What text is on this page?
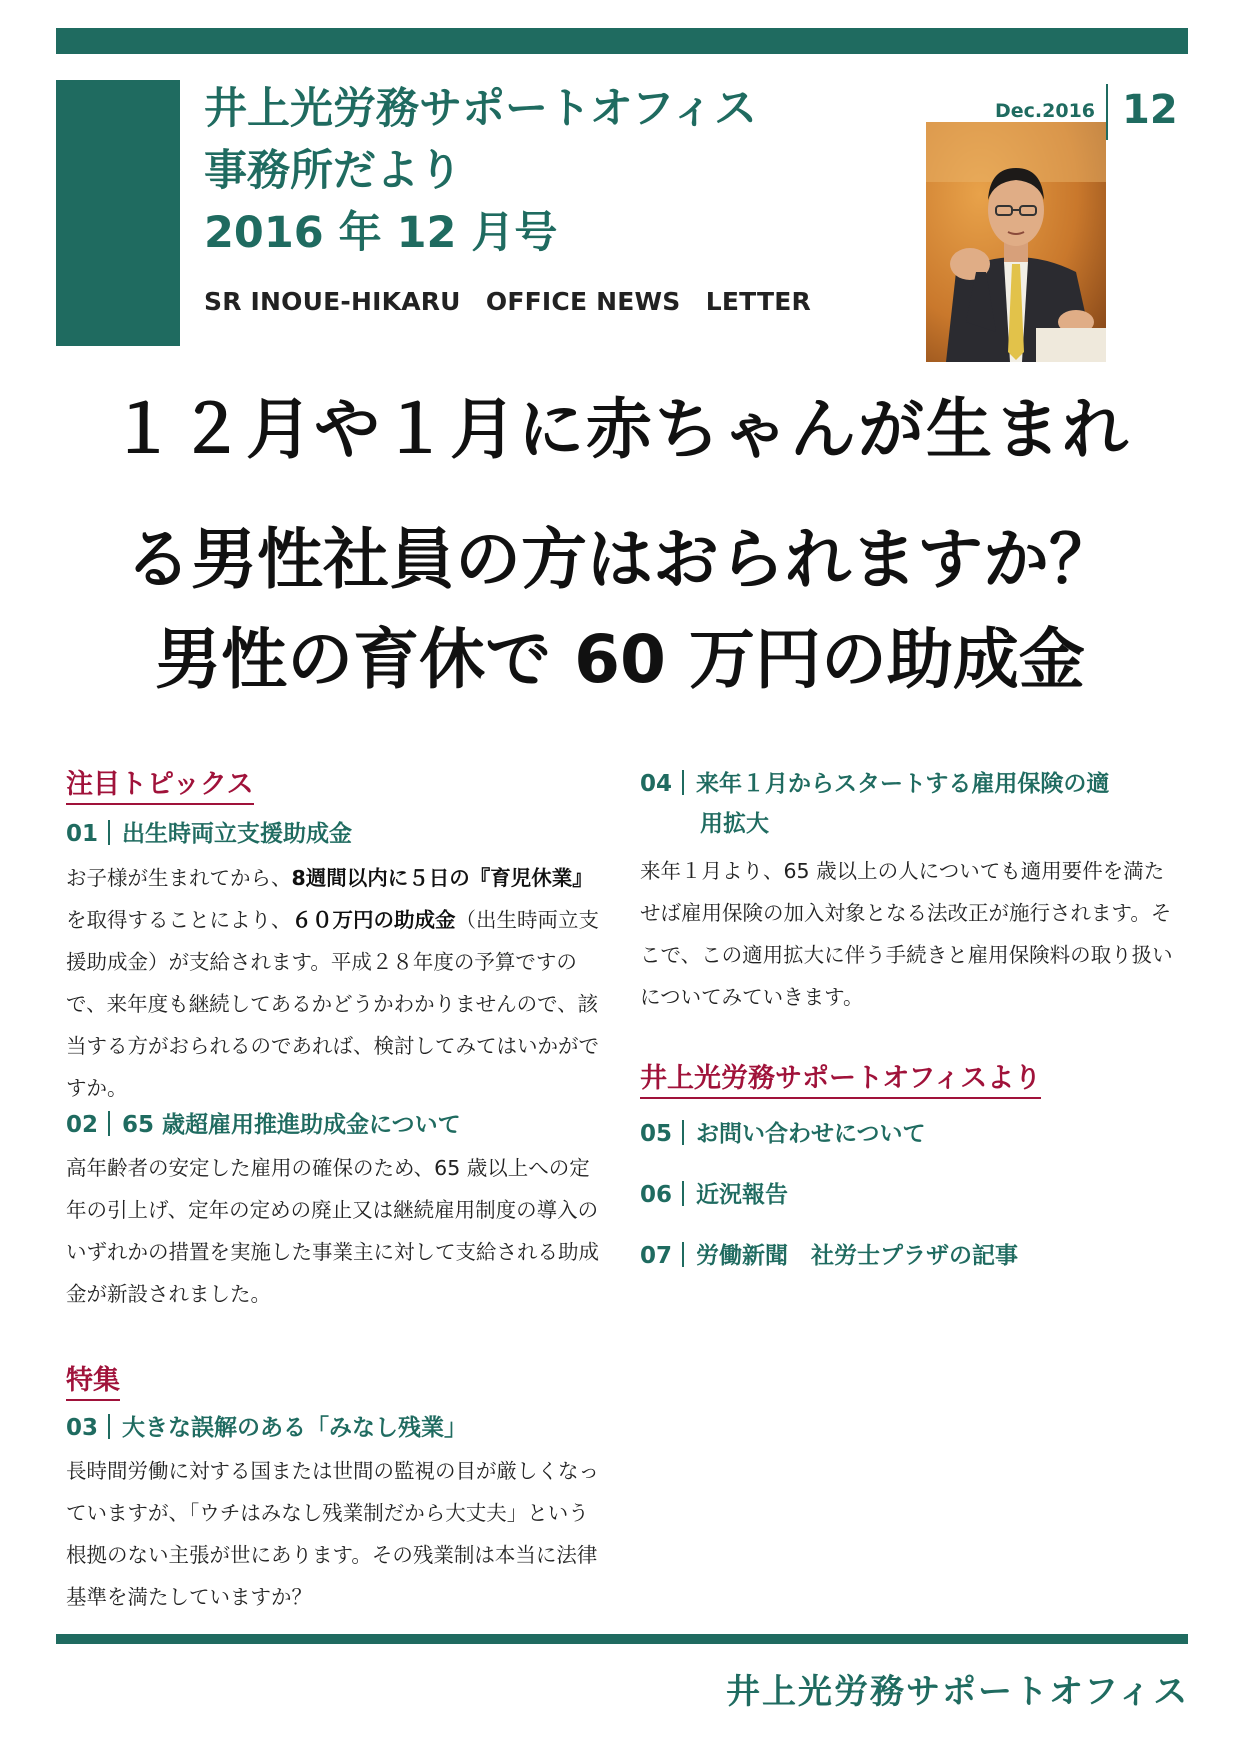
井上光労務サポートオフィス
事務所だより
2016 年 12 月号
SR INOUE-HIKARU　OFFICE NEWS　LETTER
Dec.2016 12
１２月や１月に赤ちゃんが生まれ
る男性社員の方はおられますか？
男性の育休で 60 万円の助成金
注目トピックス
01 出生時両立支援助成金
お子様が生まれてから、8週間以内に５日の『育児休業』を取得することにより、６０万円の助成金（出生時両立支援助成金）が支給されます。平成２８年度の予算ですので、来年度も継続してあるかどうかわかりませんので、該当する方がおられるのであれば、検討してみてはいかがですか。
02 65 歳超雇用推進助成金について
高年齢者の安定した雇用の確保のため、65 歳以上への定年の引上げ、定年の定めの廃止又は継続雇用制度の導入のいずれかの措置を実施した事業主に対して支給される助成金が新設されました。
特集
03 大きな誤解のある「みなし残業」
長時間労働に対する国または世間の監視の目が厳しくなっていますが、「ウチはみなし残業制だから大丈夫」という根拠のない主張が世にあります。その残業制は本当に法律基準を満たしていますか？
04 来年１月からスタートする雇用保険の適
用拡大
来年１月より、65 歳以上の人についても適用要件を満たせば雇用保険の加入対象となる法改正が施行されます。そこで、この適用拡大に伴う手続きと雇用保険料の取り扱いについてみていきます。
井上光労務サポートオフィスより
05 お問い合わせについて
06 近況報告
07 労働新聞　社労士プラザの記事
井上光労務サポートオフィス
